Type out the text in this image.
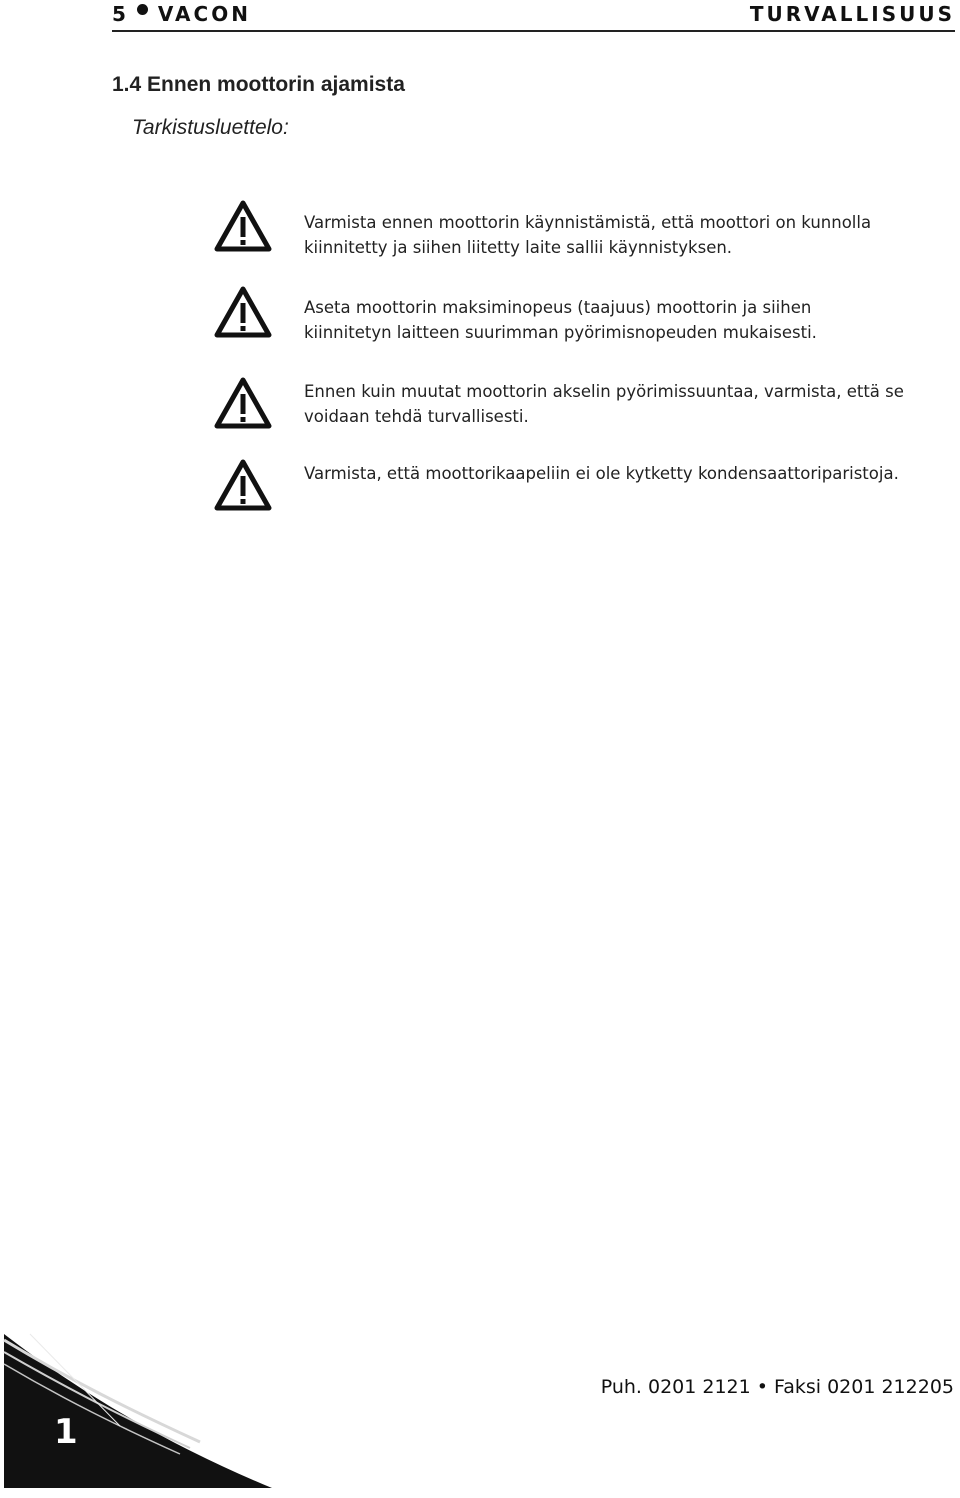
5 VACON	TURVALLISUUS
1.4 Ennen moottorin ajamista
Tarkistusluettelo:
Varmista ennen moottorin käynnistämistä, että moottori on kunnolla kiinnitetty ja siihen liitetty laite sallii käynnistyksen.
Aseta moottorin maksiminopeus (taajuus) moottorin ja siihen kiinnitetyn laitteen suurimman pyörimisnopeuden mukaisesti.
Ennen kuin muutat moottorin akselin pyörimissuuntaa, varmista, että se voidaan tehdä turvallisesti.
Varmista, että moottorikaapeliin ei ole kytketty kondensaattoriparistoja.
1
Puh. 0201 2121 • Faksi 0201 212205
